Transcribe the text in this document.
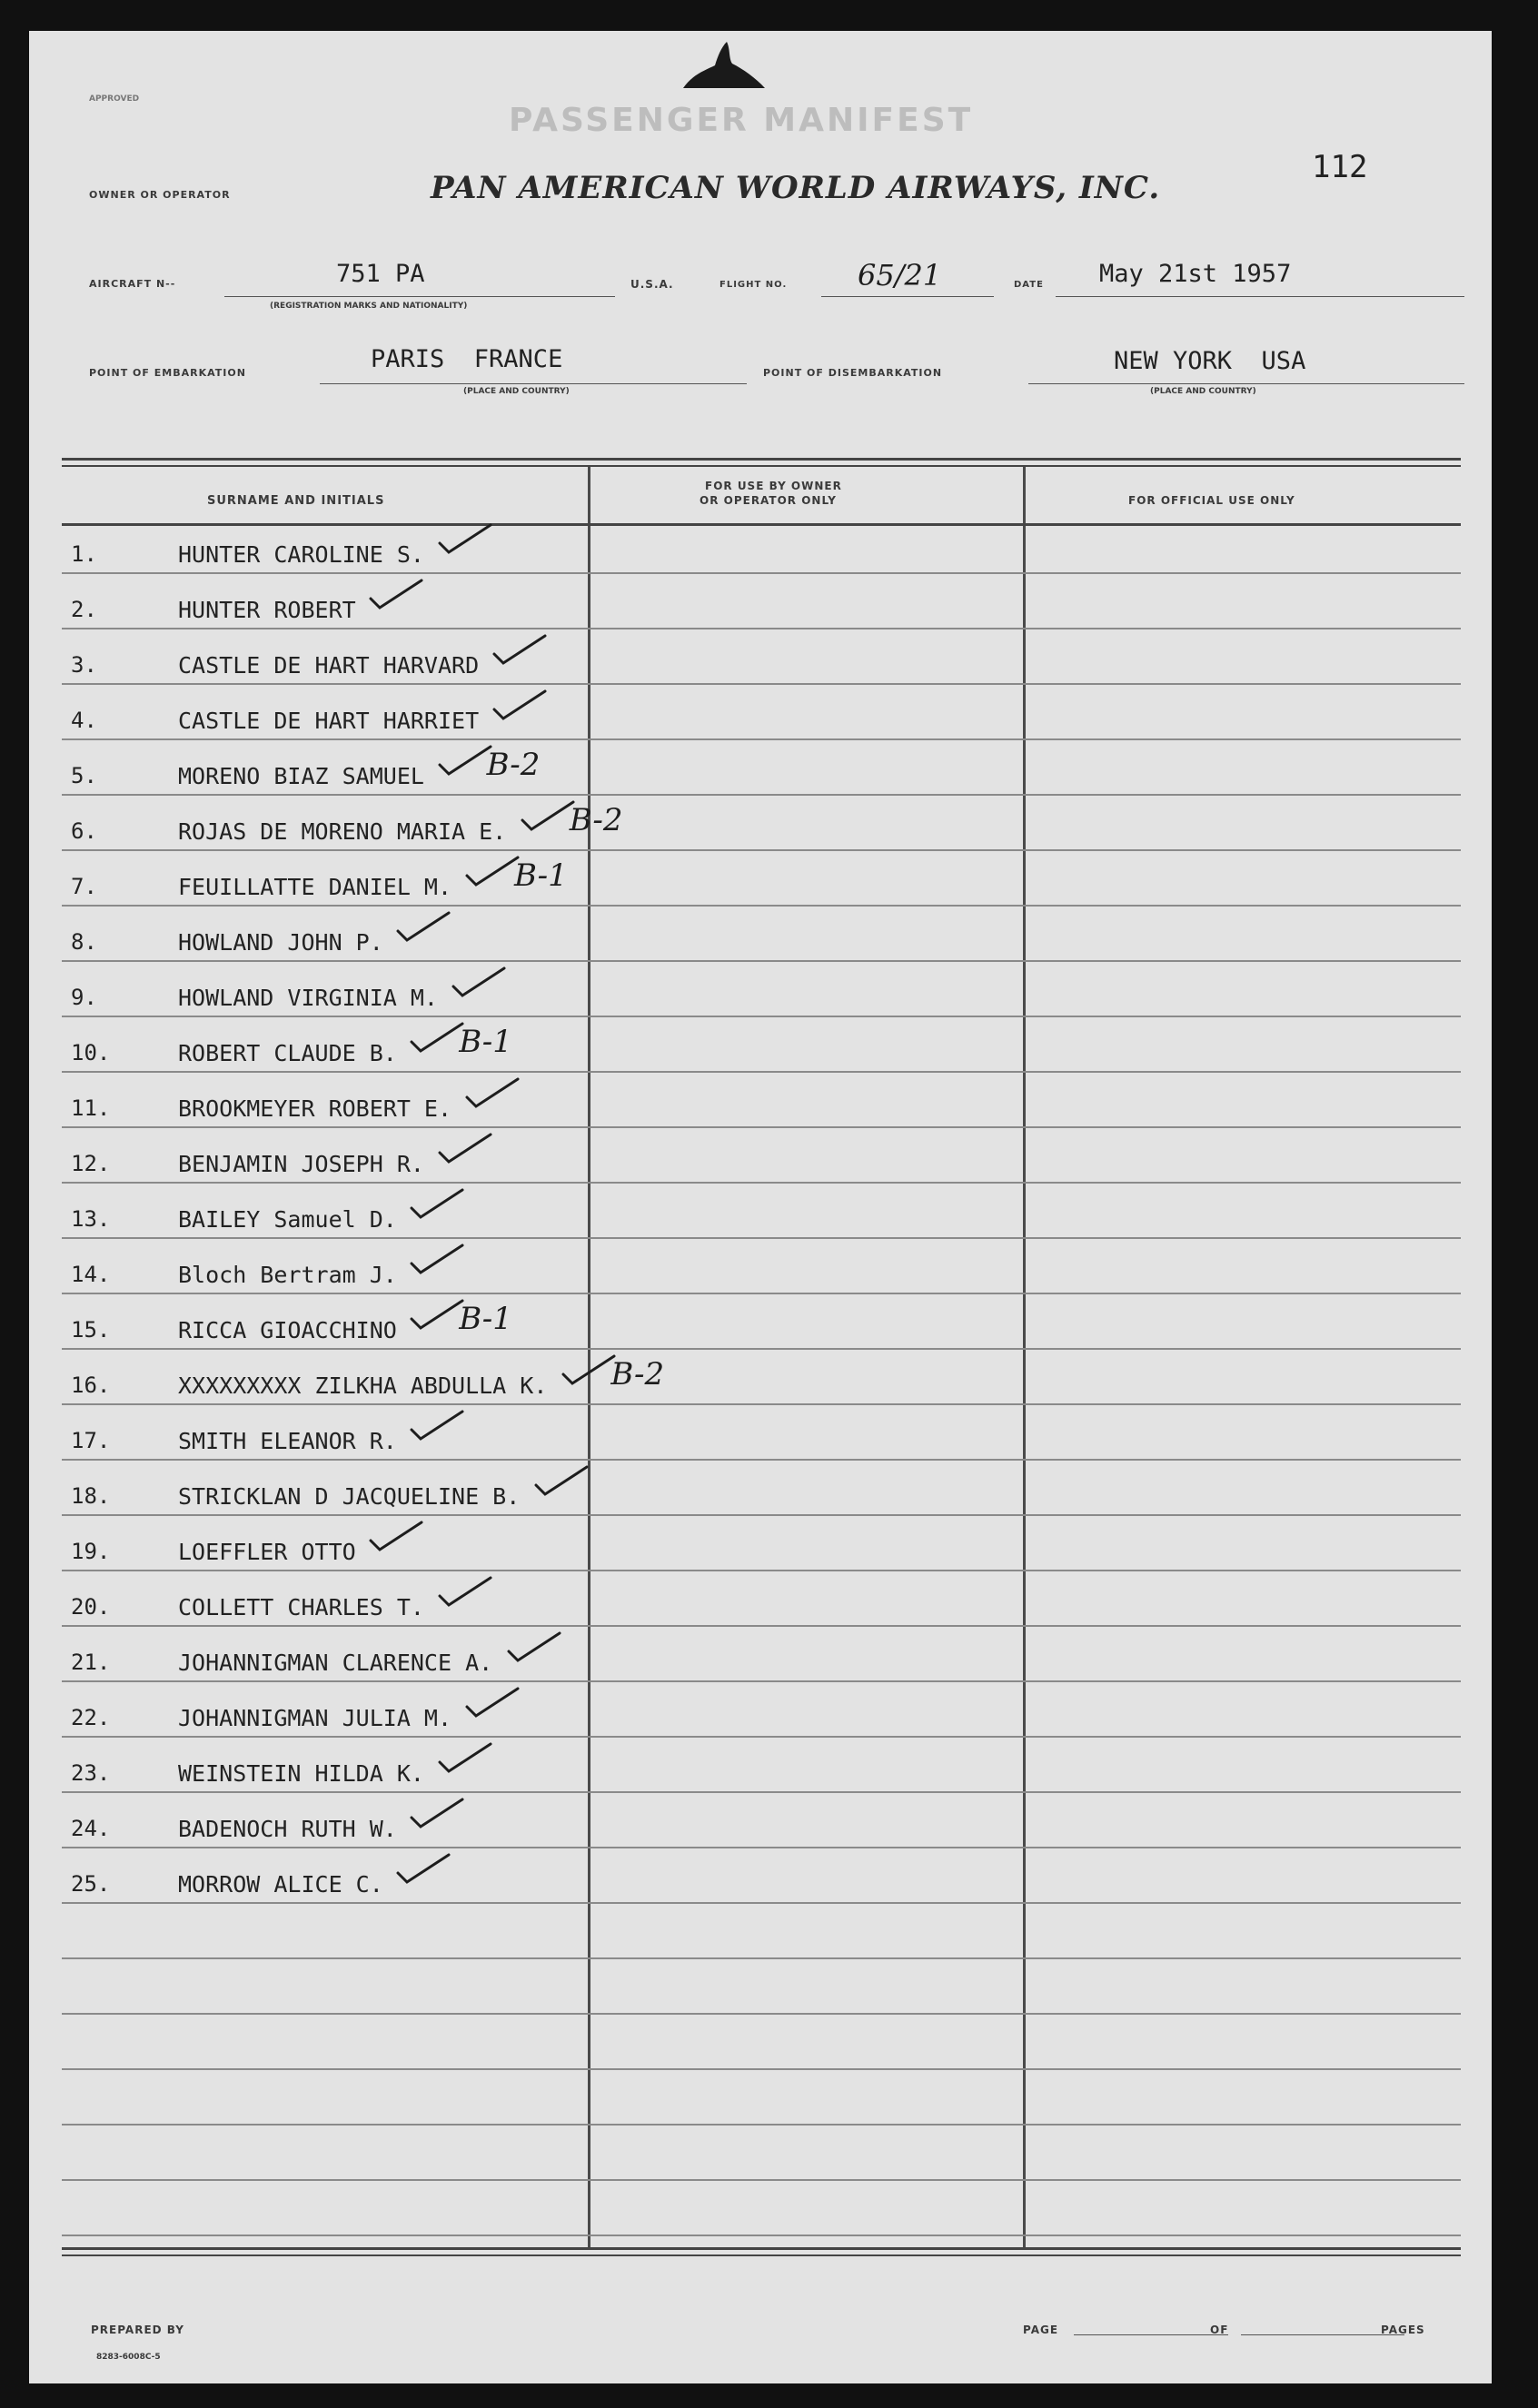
APPROVED
PASSENGER MANIFEST
112
OWNER OR OPERATOR	PAN AMERICAN WORLD AIRWAYS, INC.
AIRCRAFT N--	751 PA
(REGISTRATION MARKS AND NATIONALITY)
U.S.A.	FLIGHT NO. 65/21	DATE May 21st 1957
POINT OF EMBARKATION	PARIS  FRANCE
(PLACE AND COUNTRY)
POINT OF DISEMBARKATION	NEW YORK  USA
(PLACE AND COUNTRY)
SURNAME AND INITIALS
FOR USE BY OWNER
OR OPERATOR ONLY	FOR OFFICIAL USE ONLY
1.	HUNTER CAROLINE S.
2.	HUNTER ROBERT
3.	CASTLE DE HART HARVARD
4.	CASTLE DE HART HARRIET
5.	MORENO BIAZ SAMUEL B-2
6.	ROJAS DE MORENO MARIA E. B-2
7.	FEUILLATTE DANIEL M. B-1
8.	HOWLAND JOHN P.
9.	HOWLAND VIRGINIA M.
10.	ROBERT CLAUDE B. B-1
11.	BROOKMEYER ROBERT E.
12.	BENJAMIN JOSEPH R.
13.	BAILEY Samuel D.
14.	Bloch Bertram J.
15.	RICCA GIOACCHINO B-1
16.	XXXXXXXXX ZILKHA ABDULLA K. B-2
17.	SMITH ELEANOR R.
18.	STRICKLAN D JACQUELINE B.
19.	LOEFFLER OTTO
20.	COLLETT CHARLES T.
21.	JOHANNIGMAN CLARENCE A.
22.	JOHANNIGMAN JULIA M.
23.	WEINSTEIN HILDA K.
24.	BADENOCH RUTH W.
25.	MORROW ALICE C.
PREPARED BY
8283-6008C-5
PAGE	OF	PAGES
